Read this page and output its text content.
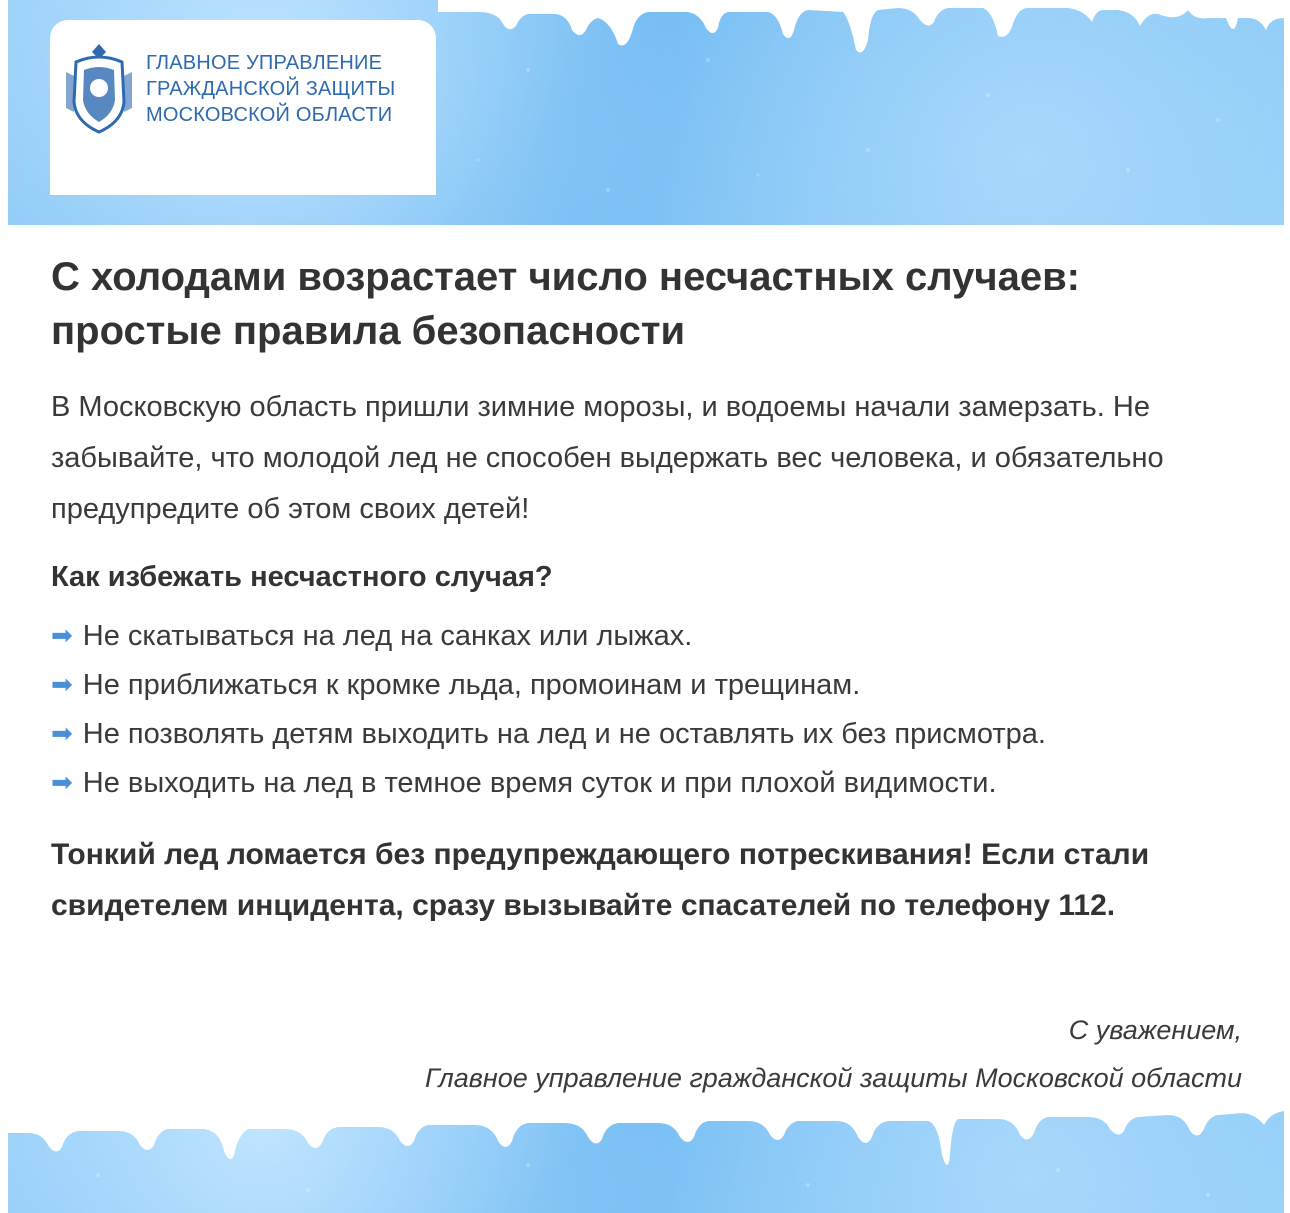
ГЛАВНОЕ УПРАВЛЕНИЕ
ГРАЖДАНСКОЙ ЗАЩИТЫ
МОСКОВСКОЙ ОБЛАСТИ
С холодами возрастает число несчастных случаев: простые правила безопасности
В Московскую область пришли зимние морозы, и водоемы начали замерзать. Не забывайте, что молодой лед не способен выдержать вес человека, и обязательно предупредите об этом своих детей!
Как избежать несчастного случая?
➡ Не скатываться на лед на санках или лыжах.
➡ Не приближаться к кромке льда, промоинам и трещинам.
➡ Не позволять детям выходить на лед и не оставлять их без присмотра.
➡ Не выходить на лед в темное время суток и при плохой видимости.
Тонкий лед ломается без предупреждающего потрескивания! Если стали свидетелем инцидента, сразу вызывайте спасателей по телефону 112.
С уважением,
Главное управление гражданской защиты Московской области
